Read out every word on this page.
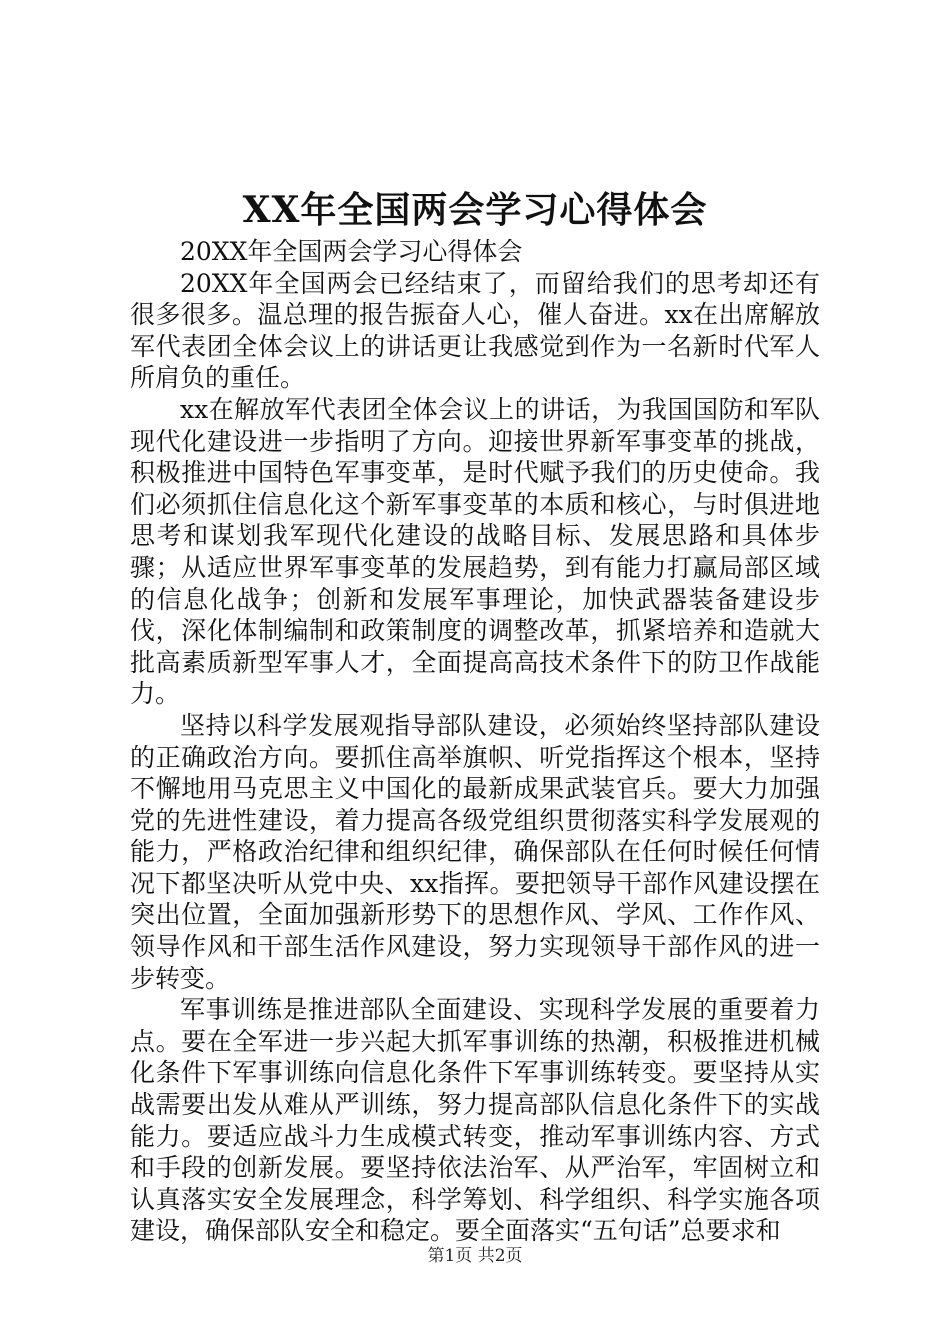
XX年全国两会学习心得体会

20XX年全国两会学习心得体会

20XX年全国两会已经结束了，而留给我们的思考却还有很多很多。温总理的报告振奋人心，催人奋进。xx在出席解放军代表团全体会议上的讲话更让我感觉到作为一名新时代军人所肩负的重任。

xx在解放军代表团全体会议上的讲话，为我国国防和军队现代化建设进一步指明了方向。迎接世界新军事变革的挑战，积极推进中国特色军事变革，是时代赋予我们的历史使命。我们必须抓住信息化这个新军事变革的本质和核心，与时俱进地思考和谋划我军现代化建设的战略目标、发展思路和具体步骤；从适应世界军事变革的发展趋势，到有能力打赢局部区域的信息化战争；创新和发展军事理论，加快武器装备建设步伐，深化体制编制和政策制度的调整改革，抓紧培养和造就大批高素质新型军事人才，全面提高高技术条件下的防卫作战能力。

坚持以科学发展观指导部队建设，必须始终坚持部队建设的正确政治方向。要抓住高举旗帜、听党指挥这个根本，坚持不懈地用马克思主义中国化的最新成果武装官兵。要大力加强党的先进性建设，着力提高各级党组织贯彻落实科学发展观的能力，严格政治纪律和组织纪律，确保部队在任何时候任何情况下都坚决听从党中央、xx指挥。要把领导干部作风建设摆在突出位置，全面加强新形势下的思想作风、学风、工作作风、领导作风和干部生活作风建设，努力实现领导干部作风的进一步转变。

军事训练是推进部队全面建设、实现科学发展的重要着力点。要在全军进一步兴起大抓军事训练的热潮，积极推进机械化条件下军事训练向信息化条件下军事训练转变。要坚持从实战需要出发从难从严训练，努力提高部队信息化条件下的实战能力。要适应战斗力生成模式转变，推动军事训练内容、方式和手段的创新发展。要坚持依法治军、从严治军，牢固树立和认真落实安全发展理念，科学筹划、科学组织、科学实施各项建设，确保部队安全和稳定。要全面落实“五句话”总要求和

第1页 共2页
